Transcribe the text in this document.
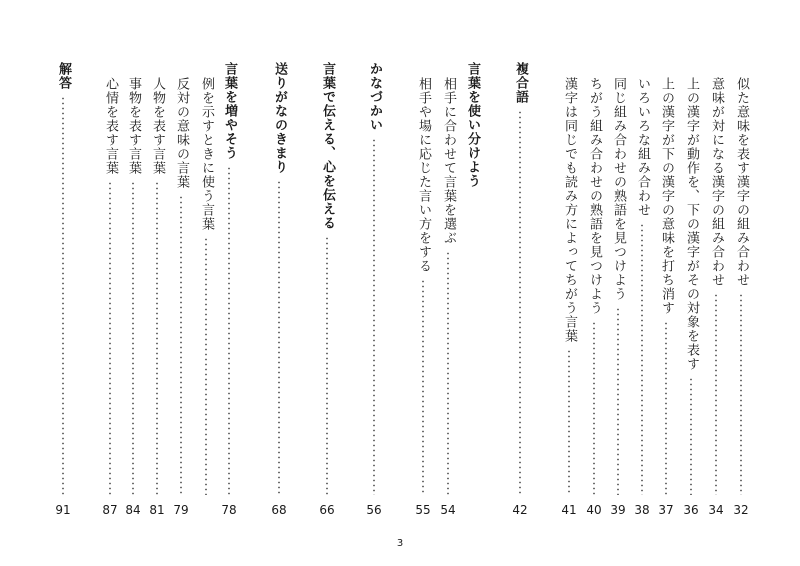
似た意味を表す漢字の組み合わせ
32
意味が対になる漢字の組み合わせ
34
上の漢字が動作を、下の漢字がその対象を表す
36
上の漢字が下の漢字の意味を打ち消す
37
いろいろな組み合わせ
38
同じ組み合わせの熟語を見つけよう
39
ちがう組み合わせの熟語を見つけよう
40
漢字は同じでも読み方によってちがう言葉
41
複合語
42
言葉を使い分けよう
相手に合わせて言葉を選ぶ
54
相手や場に応じた言い方をする
55
かなづかい
56
言葉で伝える、心を伝える
66
送りがなのきまり
68
言葉を増やそう
78
例を示すときに使う言葉
反対の意味の言葉
79
人物を表す言葉
81
事物を表す言葉
84
心情を表す言葉
87
解答
91
3
